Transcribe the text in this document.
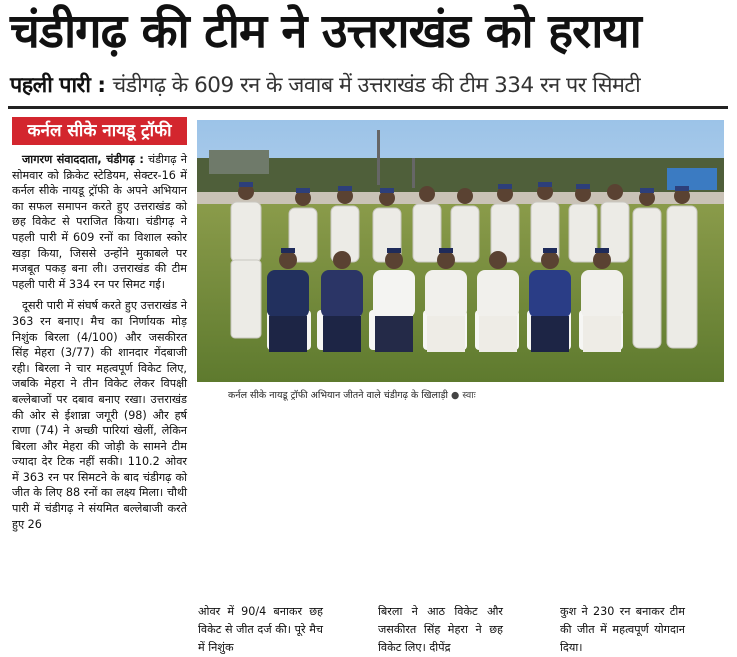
चंडीगढ़ की टीम ने उत्तराखंड को हराया
पहली पारी : चंडीगढ़ के 609 रन के जवाब में उत्तराखंड की टीम 334 रन पर सिमटी
कर्नल सीके नायडू ट्रॉफी

जागरण संवाददाता, चंडीगढ़ : चंडीगढ़ ने सोमवार को क्रिकेट स्टेडियम, सेक्टर-16 में कर्नल सीके नायडू ट्रॉफी के अपने अभियान का सफल समापन करते हुए उत्तराखंड को छह विकेट से पराजित किया। चंडीगढ़ ने पहली पारी में 609 रनों का विशाल स्कोर खड़ा किया, जिससे उन्होंने मुकाबले पर मजबूत पकड़ बना ली। उत्तराखंड की टीम पहली पारी में 334 रन पर सिमट गई।

दूसरी पारी में संघर्ष करते हुए उत्तराखंड ने 363 रन बनाए। मैच का निर्णायक मोड़ निशुंक बिरला (4/100) और जसकीरत सिंह मेहरा (3/77) की शानदार गेंदबाजी रही। बिरला ने चार महत्वपूर्ण विकेट लिए, जबकि मेहरा ने तीन विकेट लेकर विपक्षी बल्लेबाजों पर दबाव बनाए रखा। उत्तराखंड की ओर से ईशान्ना जगूरी (98) और हर्ष राणा (74) ने अच्छी पारियां खेलीं, लेकिन बिरला और मेहरा की जोड़ी के सामने टीम ज्यादा देर टिक नहीं सकी। 110.2 ओवर में 363 रन पर सिमटने के बाद चंडीगढ़ को जीत के लिए 88 रनों का लक्ष्य मिला। चौथी पारी में चंडीगढ़ ने संयमित बल्लेबाजी करते हुए 26

कर्नल सीके नायडू ट्रॉफी अभियान जीतने वाले चंडीगढ़ के खिलाड़ी ● स्वाः
ओवर में 90/4 बनाकर छह विकेट से जीत दर्ज की। पूरे मैच में निशुंक
बिरला ने आठ विकेट और जसकीरत सिंह मेहरा ने छह विकेट लिए। दीपेंद्र
कुश ने 230 रन बनाकर टीम की जीत में महत्वपूर्ण योगदान दिया।
